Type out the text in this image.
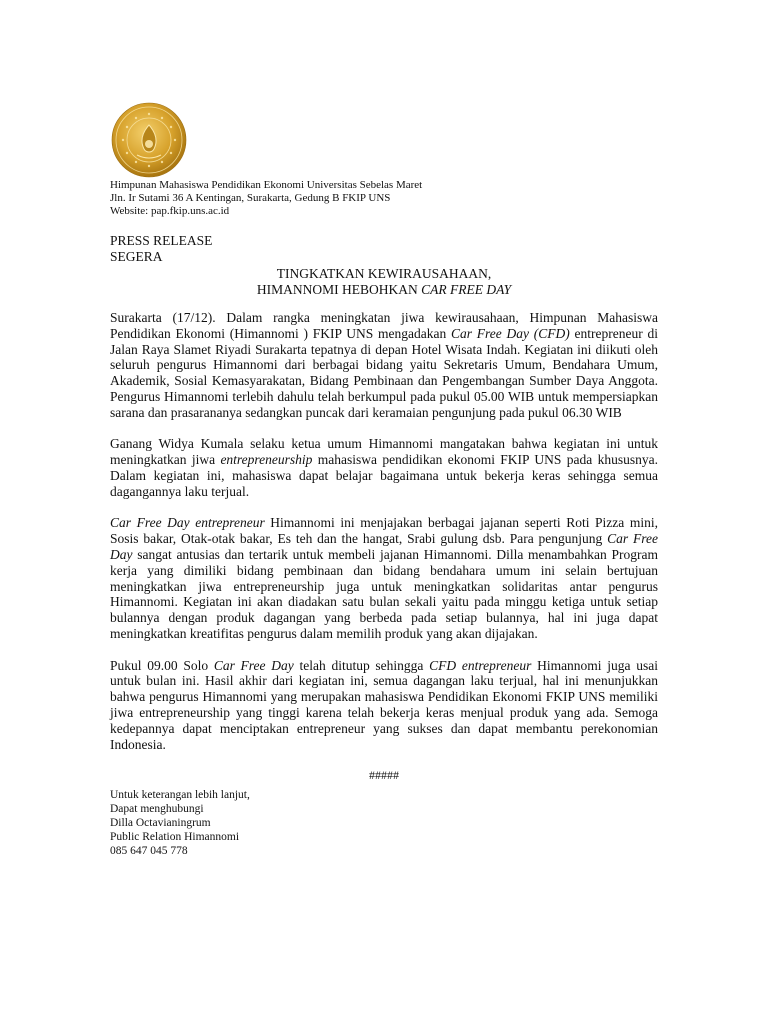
Himpunan Mahasiswa Pendidikan Ekonomi Universitas Sebelas Maret
Jln. Ir Sutami 36 A Kentingan, Surakarta, Gedung B FKIP UNS
Website: pap.fkip.uns.ac.id
PRESS RELEASE
SEGERA
TINGKATKAN KEWIRAUSAHAAN,
HIMANNOMI HEBOHKAN CAR FREE DAY

Surakarta (17/12). Dalam rangka meningkatan jiwa kewirausahaan, Himpunan Mahasiswa Pendidikan Ekonomi (Himannomi ) FKIP UNS mengadakan Car Free Day (CFD) entrepreneur di Jalan Raya Slamet Riyadi Surakarta tepatnya di depan Hotel Wisata Indah. Kegiatan ini diikuti oleh seluruh pengurus Himannomi dari berbagai bidang yaitu Sekretaris Umum, Bendahara Umum, Akademik, Sosial Kemasyarakatan, Bidang Pembinaan dan Pengembangan Sumber Daya Anggota. Pengurus Himannomi terlebih dahulu telah berkumpul pada pukul 05.00 WIB untuk mempersiapkan sarana dan prasarananya sedangkan puncak dari keramaian pengunjung pada pukul 06.30 WIB

Ganang Widya Kumala selaku ketua umum Himannomi mangatakan bahwa kegiatan ini untuk meningkatkan jiwa entrepreneurship mahasiswa pendidikan ekonomi FKIP UNS pada khususnya. Dalam kegiatan ini, mahasiswa dapat belajar bagaimana untuk bekerja keras sehingga semua dagangannya laku terjual.

Car Free Day entrepreneur Himannomi ini menjajakan berbagai jajanan seperti Roti Pizza mini, Sosis bakar, Otak-otak bakar, Es teh dan the hangat, Srabi gulung dsb. Para pengunjung Car Free Day sangat antusias dan tertarik untuk membeli jajanan Himannomi. Dilla menambahkan Program kerja yang dimiliki bidang pembinaan dan bidang bendahara umum ini selain bertujuan meningkatkan jiwa entrepreneurship juga untuk meningkatkan solidaritas antar pengurus Himannomi. Kegiatan ini akan diadakan satu bulan sekali yaitu pada minggu ketiga untuk setiap bulannya dengan produk dagangan yang berbeda pada setiap bulannya, hal ini juga dapat meningkatkan kreatifitas pengurus dalam memilih produk yang akan dijajakan.

Pukul 09.00 Solo Car Free Day telah ditutup sehingga CFD entrepreneur Himannomi juga usai untuk bulan ini. Hasil akhir dari kegiatan ini, semua dagangan laku terjual, hal ini menunjukkan bahwa pengurus Himannomi yang merupakan mahasiswa Pendidikan Ekonomi FKIP UNS memiliki jiwa entrepreneurship yang tinggi karena telah bekerja keras menjual produk yang ada. Semoga kedepannya dapat menciptakan entrepreneur yang sukses dan dapat membantu perekonomian Indonesia.

#####

Untuk keterangan lebih lanjut,
Dapat menghubungi
Dilla Octavianingrum
Public Relation Himannomi
085 647 045 778
